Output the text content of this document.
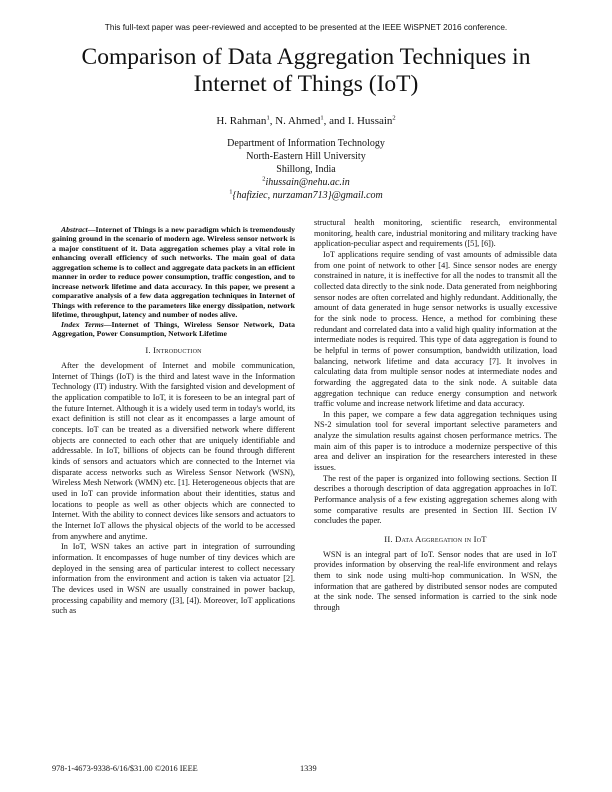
This full-text paper was peer-reviewed and accepted to be presented at the IEEE WiSPNET 2016 conference.
Comparison of Data Aggregation Techniques in Internet of Things (IoT)
H. Rahman$^1$, N. Ahmed$^1$, and I. Hussain$^2$
Department of Information Technology
North-Eastern Hill University
Shillong, India
$^2$ihussain@nehu.ac.in
$^1${hafiziec, nurzaman713}@gmail.com

Abstract—Internet of Things is a new paradigm which is tremendously gaining ground in the scenario of modern age. Wireless sensor network is a major constituent of it. Data aggregation schemes play a vital role in enhancing overall efficiency of such networks. The main goal of data aggregation scheme is to collect and aggregate data packets in an efficient manner in order to reduce power consumption, traffic congestion, and to increase network lifetime and data accuracy. In this paper, we present a comparative analysis of a few data aggregation techniques in Internet of Things with reference to the parameters like energy dissipation, network lifetime, throughput, latency and number of nodes alive.

Index Terms—Internet of Things, Wireless Sensor Network, Data Aggregation, Power Consumption, Network Lifetime

I. Introduction

After the development of Internet and mobile communication, Internet of Things (IoT) is the third and latest wave in the Information Technology (IT) industry. With the farsighted vision and development of the application compatible to IoT, it is foreseen to be an integral part of the future Internet. Although it is a widely used term in today's world, its exact definition is still not clear as it encompasses a large amount of concepts. IoT can be treated as a diversified network where different objects are connected to each other that are uniquely identifiable and addressable. In IoT, billions of objects can be found through different kinds of sensors and actuators which are connected to the Internet via disparate access networks such as Wireless Sensor Network (WSN), Wireless Mesh Network (WMN) etc. [1]. Heterogeneous objects that are used in IoT can provide information about their identities, status and locations to people as well as other objects which are connected to Internet. With the ability to connect devices like sensors and actuators to the Internet IoT allows the physical objects of the world to be accessed from anywhere and anytime.

In IoT, WSN takes an active part in integration of surrounding information. It encompasses of huge number of tiny devices which are deployed in the sensing area of particular interest to collect necessary information from the environment and action is taken via actuator [2]. The devices used in WSN are usually constrained in power backup, processing capability and memory ([3], [4]). Moreover, IoT applications such as

structural health monitoring, scientific research, environmental monitoring, health care, industrial monitoring and military tracking have application-peculiar aspect and requirements ([5], [6]).

IoT applications require sending of vast amounts of admissible data from one point of network to other [4]. Since sensor nodes are energy constrained in nature, it is ineffective for all the nodes to transmit all the collected data directly to the sink node. Data generated from neighboring sensor nodes are often correlated and highly redundant. Additionally, the amount of data generated in huge sensor networks is usually excessive for the sink node to process. Hence, a method for combining these redundant and correlated data into a valid high quality information at the intermediate nodes is required. This type of data aggregation is found to be helpful in terms of power consumption, bandwidth utilization, load balancing, network lifetime and data accuracy [7]. It involves in calculating data from multiple sensor nodes at intermediate nodes and forwarding the aggregated data to the sink node. A suitable data aggregation technique can reduce energy consumption and network traffic volume and increase network lifetime and data accuracy.

In this paper, we compare a few data aggregation techniques using NS-2 simulation tool for several important selective parameters and analyze the simulation results against chosen performance metrics. The main aim of this paper is to introduce a modernize perspective of this area and deliver an inspiration for the researchers interested in these issues.

The rest of the paper is organized into following sections. Section II describes a thorough description of data aggregation approaches in IoT. Performance analysis of a few existing aggregation schemes along with some comparative results are presented in Section III. Section IV concludes the paper.

II. Data Aggregation in IoT

WSN is an integral part of IoT. Sensor nodes that are used in IoT provides information by observing the real-life environment and relays them to sink node using multi-hop communication. In WSN, the information that are gathered by distributed sensor nodes are computed at the sink node. The sensed information is carried to the sink node through

978-1-4673-9338-6/16/$31.00 ©2016 IEEE	1339
